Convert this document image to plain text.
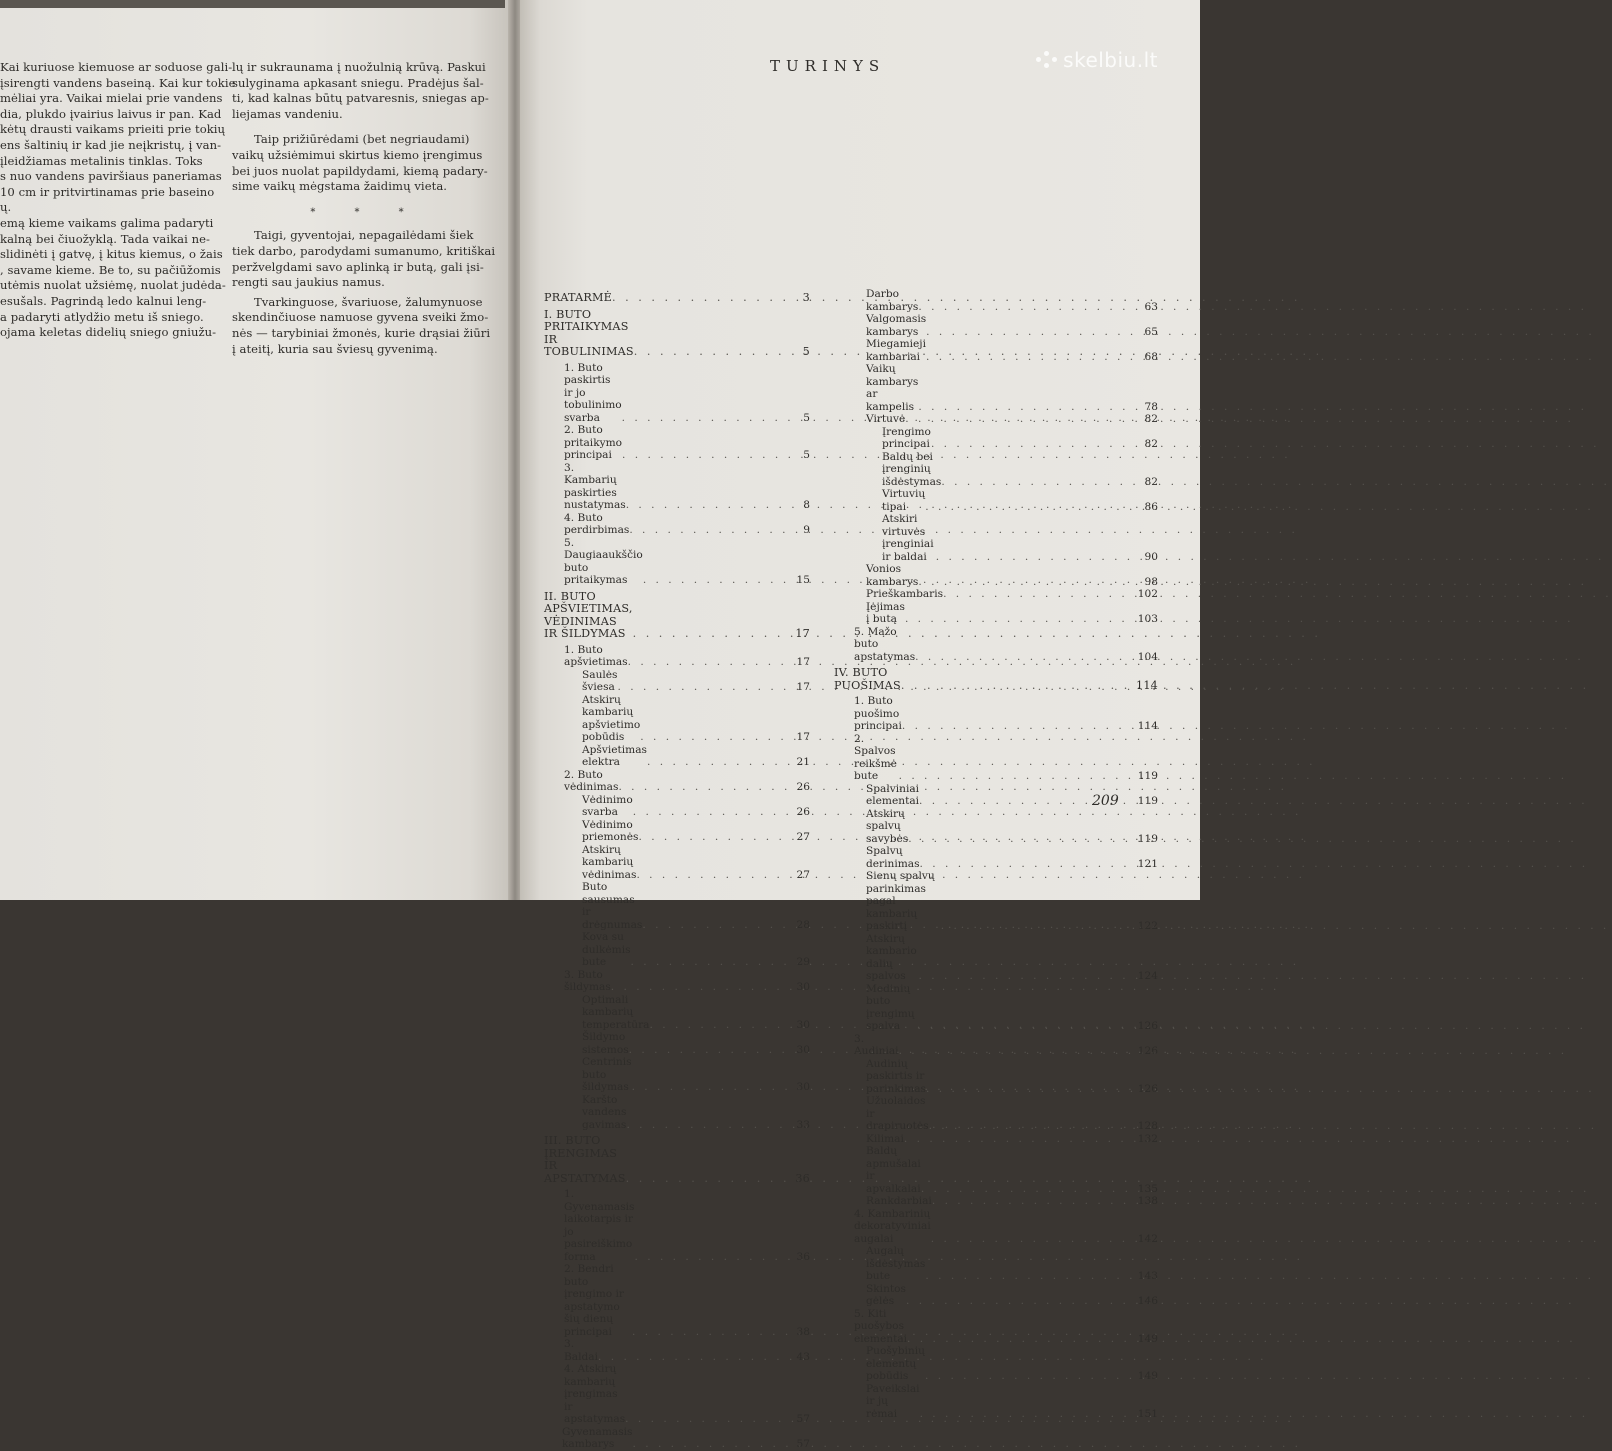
Kai kuriuose kiemuose ar soduose gali-
įsirengti vandens baseiną. Kai kur tokie
mėliai yra. Vaikai mielai prie vandens
dia, plukdo įvairius laivus ir pan. Kad
kėtų drausti vaikams prieiti prie tokių
ens šaltinių ir kad jie neįkristų, į van-
įleidžiamas metalinis tinklas. Toks
s nuo vandens paviršiaus paneriamas
10 cm ir pritvirtinamas prie baseino
ų.
emą kieme vaikams galima padaryti
kalną bei čiuožyklą. Tada vaikai ne-
slidinėti į gatvę, į kitus kiemus, o žais
, savame kieme. Be to, su pačiūžomis
utėmis nuolat užsiėmę, nuolat judėda-
esušals. Pagrindą ledo kalnui leng-
a padaryti atlydžio metu iš sniego.
ojama keletas didelių sniego gniužu-

lų ir sukraunama į nuožulnią krūvą. Paskui
sulyginama apkasant sniegu. Pradėjus šal-
ti, kad kalnas būtų patvaresnis, sniegas ap-
liejamas vandeniu.

Taip prižiūrėdami (bet negriaudami)
vaikų užsiėmimui skirtus kiemo įrengimus
bei juos nuolat papildydami, kiemą padary-
sime vaikų mėgstama žaidimų vieta.

* * *

Taigi, gyventojai, nepagailėdami šiek
tiek darbo, parodydami sumanumo, kritiškai
peržvelgdami savo aplinką ir butą, gali įsi-
rengti sau jaukius namus.

Tvarkinguose, švariuose, žalumynuose
skendinčiuose namuose gyvena sveiki žmo-
nės — tarybiniai žmonės, kurie drąsiai žiūri
į ateitį, kuria sau šviesų gyvenimą.

TURINYS
PRATARMĖ . . .	3
I. BUTO PRITAIKYMAS IR TOBULINIMAS . . .	5
1. Buto paskirtis ir jo tobulinimo svarba . . .	5
2. Buto pritaikymo principai . . .	5
3. Kambarių paskirties nustatymas . . .	8
4. Buto perdirbimas . . .	9
5. Daugiaaukščio buto pritaikymas . . .	15
II. BUTO APŠVIETIMAS, VĖDINIMAS IR ŠILDYMAS . . .	17
1. Buto apšvietimas . . .	17
Saulės šviesa . . .	17
Atskirų kambarių apšvietimo pobūdis . . .	17
Apšvietimas elektra . . .	21
2. Buto vėdinimas . . .	26
Vėdinimo svarba . . .	26
Vėdinimo priemonės . . .	27
Atskirų kambarių vėdinimas . . .	27
Buto sausumas ir drėgnumas . . .	28
Kova su dulkėmis bute . . .	29
3. Buto šildymas . . .	30
Optimali kambarių temperatūra . . .	30
Šildymo sistemos . . .	30
Centrinis buto šildymas . . .	30
Karšto vandens gavimas . . .	33
III. BUTO ĮRENGIMAS IR APSTATYMAS . . .	36
1. Gyvenamasis laikotarpis ir jo pasireiškimo forma . . .	36
2. Bendri buto įrengimo ir apstatymo šių dienų principai . . .	38
3. Baldai . . .	43
4. Atskirų kambarių įrengimas ir apstatymas . . .	57
Gyvenamasis kambarys . . .	57
Darbo kambarys . . .	63
Valgomasis kambarys . . .	65
Miegamieji kambariai . . .	68
Vaikų kambarys ar kampelis . . .	78
Virtuvė . . .	82
Įrengimo principai . . .	82
Baldų bei įrenginių išdėstymas . . .	82
Virtuvių tipai . . .	86
Atskiri virtuvės įrenginiai ir baldai . . .	90
Vonios kambarys . . .	98
Prieškambaris . . .	102
Įėjimas į butą . . .	103
5. Mažo buto apstatymas . . .	104
IV. BUTO PUOŠIMAS . . .	114
1. Buto puošimo principai . . .	114
2. Spalvos reikšmė bute . . .	119
Spalviniai elementai . . .	119
Atskirų spalvų savybės . . .	119
Spalvų derinimas . . .	121
Sienų spalvų parinkimas pagal kambarių paskirtį . . .	122
Atskirų kambario dalių spalvos . . .	124
Medinių buto įrengimų spalva . . .	126
3. Audiniai . . .	126
Audinių paskirtis ir parinkimas . . .	126
Užuolaidos ir drapiruotės . . .	128
Kilimai . . .	132
Baldų apmušalai ir apvalkalai . . .	135
Rankdarbiai . . .	138
4. Kambarinių dekoratyviniai augalai . . .	142
Augalų išdėstymas bute . . .	143
Skintos gėlės . . .	146
5. Kiti puošybos elementai . . .	149
Puošybinių elementų pobūdis . . .	149
Paveikslai ir jų rėmai . . .	151
209
skelbiu.lt
